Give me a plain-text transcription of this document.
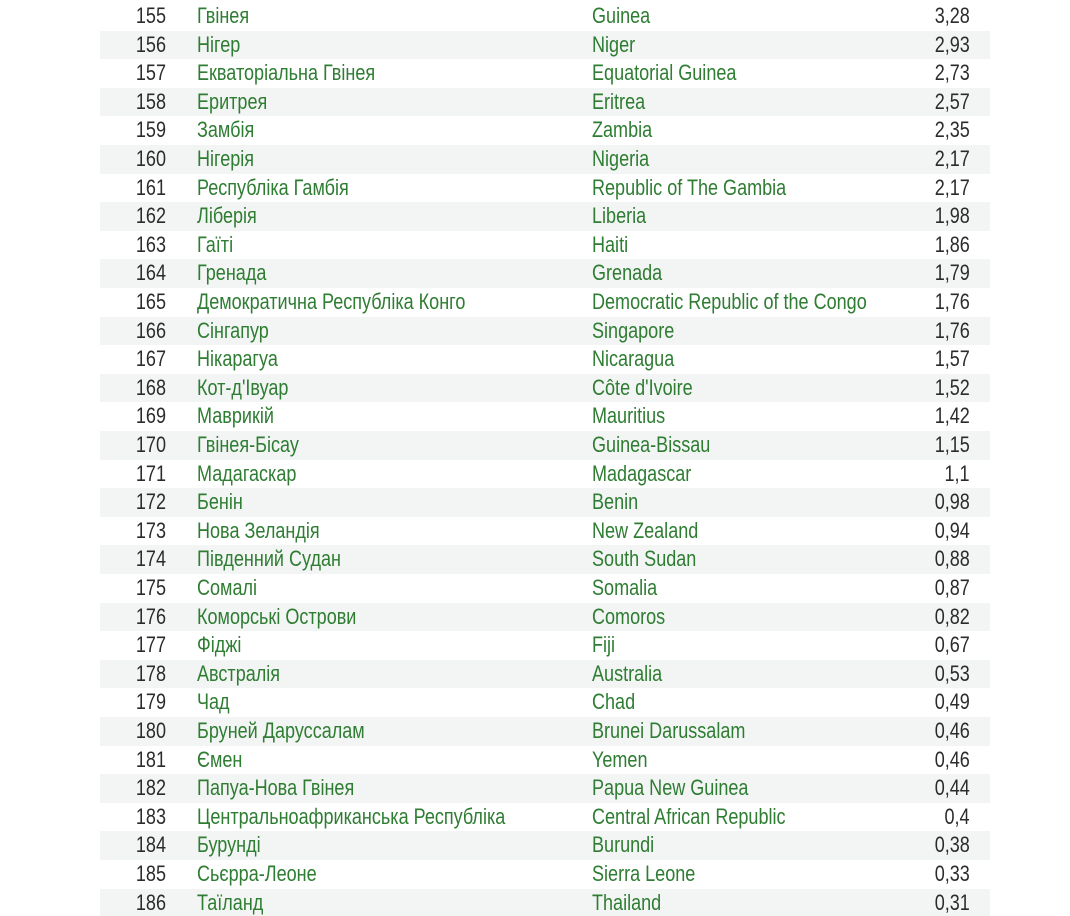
155 Гвінея	Guinea	3,28
156 Нігер	Niger	2,93
157 Екваторіальна Гвінея	Equatorial Guinea	2,73
158 Еритрея	Eritrea	2,57
159 Замбія	Zambia	2,35
160 Нігерія	Nigeria	2,17
161 Республіка Гамбія	Republic of The Gambia	2,17
162 Ліберія	Liberia	1,98
163 Гаїті	Haiti	1,86
164 Гренада	Grenada	1,79
165 Демократична Республіка Конго	Democratic Republic of the Congo	1,76
166 Сінгапур	Singapore	1,76
167 Нікарагуа	Nicaragua	1,57
168 Кот-д'Івуар	Côte d'Ivoire	1,52
169 Маврикій	Mauritius	1,42
170 Гвінея-Бісау	Guinea-Bissau	1,15
171 Мадагаскар	Madagascar	1,1
172 Бенін	Benin	0,98
173 Нова Зеландія	New Zealand	0,94
174 Південний Судан	South Sudan	0,88
175 Сомалі	Somalia	0,87
176 Коморські Острови	Comoros	0,82
177 Фіджі	Fiji	0,67
178 Австралія	Australia	0,53
179 Чад	Chad	0,49
180 Бруней Даруссалам	Brunei Darussalam	0,46
181 Ємен	Yemen	0,46
182 Папуа-Нова Гвінея	Papua New Guinea	0,44
183 Центральноафриканська Республіка	Central African Republic	0,4
184 Бурунді	Burundi	0,38
185 Сьєрра-Леоне	Sierra Leone	0,33
186 Таїланд	Thailand	0,31
